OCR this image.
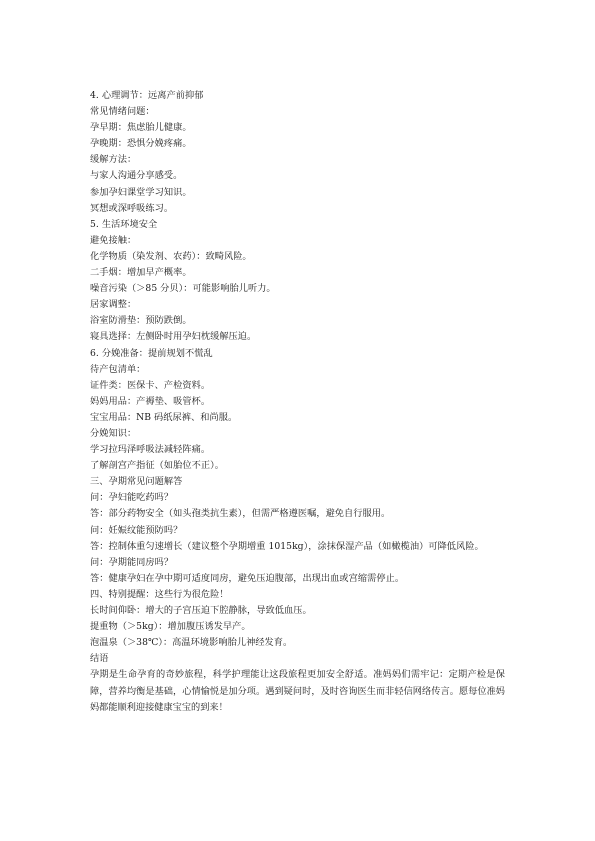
4. 心理调节：远离产前抑郁
常见情绪问题：
孕早期：焦虑胎儿健康。
孕晚期：恐惧分娩疼痛。
缓解方法：
与家人沟通分享感受。
参加孕妇课堂学习知识。
冥想或深呼吸练习。
5. 生活环境安全
避免接触：
化学物质（染发剂、农药）：致畸风险。
二手烟：增加早产概率。
噪音污染（＞85 分贝）：可能影响胎儿听力。
居家调整：
浴室防滑垫：预防跌倒。
寝具选择：左侧卧时用孕妇枕缓解压迫。
6. 分娩准备：提前规划不慌乱
待产包清单：
证件类：医保卡、产检资料。
妈妈用品：产褥垫、吸管杯。
宝宝用品：NB 码纸尿裤、和尚服。
分娩知识：
学习拉玛泽呼吸法减轻阵痛。
了解剖宫产指征（如胎位不正）。
三、孕期常见问题解答
问：孕妇能吃药吗？
答：部分药物安全（如头孢类抗生素），但需严格遵医嘱，避免自行服用。
问：妊娠纹能预防吗？
答：控制体重匀速增长（建议整个孕期增重 1015kg），涂抹保湿产品（如橄榄油）可降低风险。
问：孕期能同房吗？
答：健康孕妇在孕中期可适度同房，避免压迫腹部，出现出血或宫缩需停止。
四、特别提醒：这些行为很危险！
长时间仰卧：增大的子宫压迫下腔静脉，导致低血压。
提重物（＞5kg）：增加腹压诱发早产。
泡温泉（＞38℃）：高温环境影响胎儿神经发育。
结语
孕期是生命孕育的奇妙旅程，科学护理能让这段旅程更加安全舒适。准妈妈们需牢记：定期产检是保障，营养均衡是基础，心情愉悦是加分项。遇到疑问时，及时咨询医生而非轻信网络传言。愿每位准妈妈都能顺利迎接健康宝宝的到来！
